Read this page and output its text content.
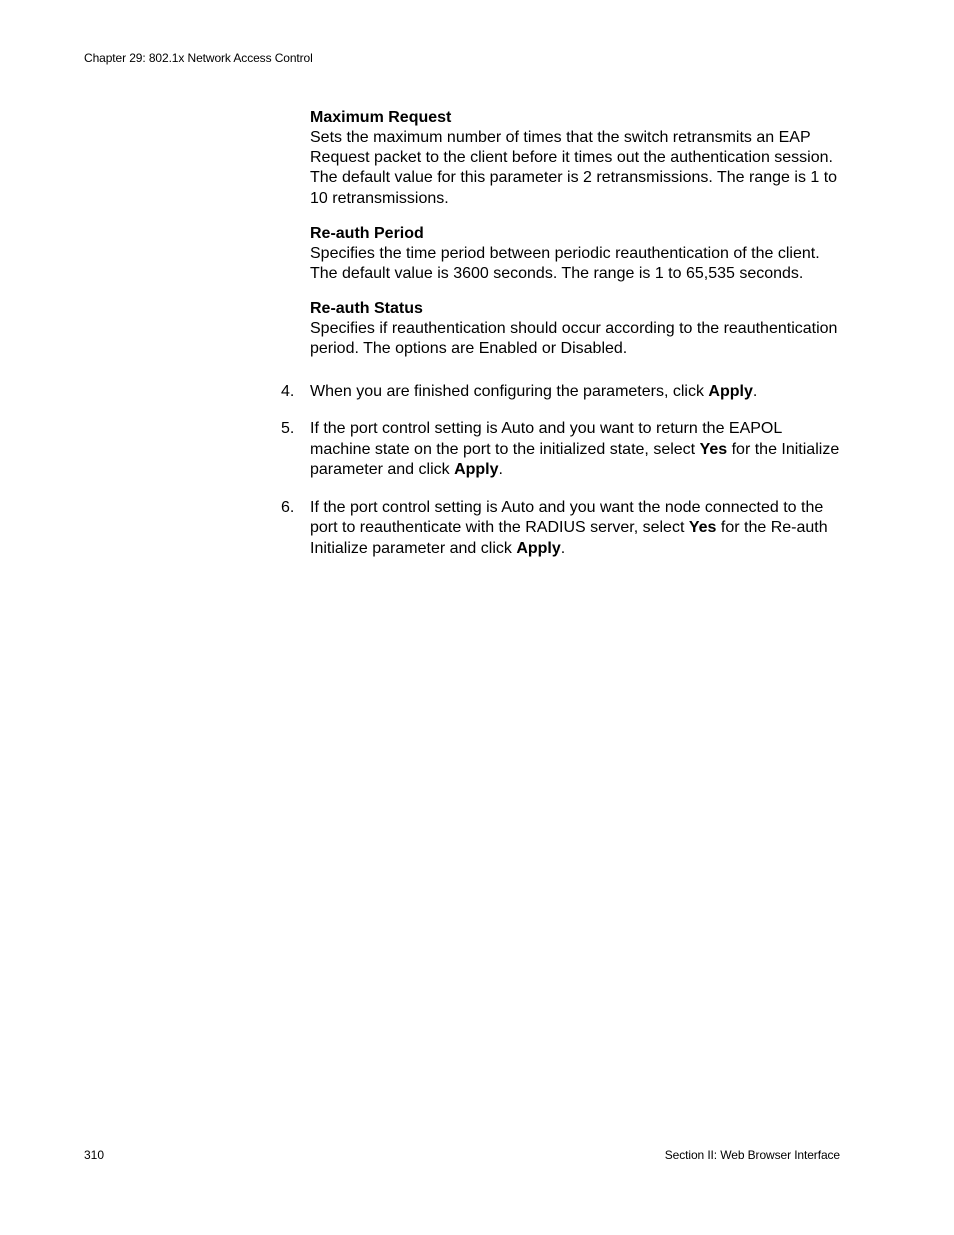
Chapter 29: 802.1x Network Access Control
Maximum Request
Sets the maximum number of times that the switch retransmits an EAP Request packet to the client before it times out the authentication session. The default value for this parameter is 2 retransmissions. The range is 1 to 10 retransmissions.
Re-auth Period
Specifies the time period between periodic reauthentication of the client. The default value is 3600 seconds. The range is 1 to 65,535 seconds.
Re-auth Status
Specifies if reauthentication should occur according to the reauthentication period. The options are Enabled or Disabled.
4. When you are finished configuring the parameters, click Apply.
5. If the port control setting is Auto and you want to return the EAPOL machine state on the port to the initialized state, select Yes for the Initialize parameter and click Apply.
6. If the port control setting is Auto and you want the node connected to the port to reauthenticate with the RADIUS server, select Yes for the Re-auth Initialize parameter and click Apply.
310	Section II: Web Browser Interface
